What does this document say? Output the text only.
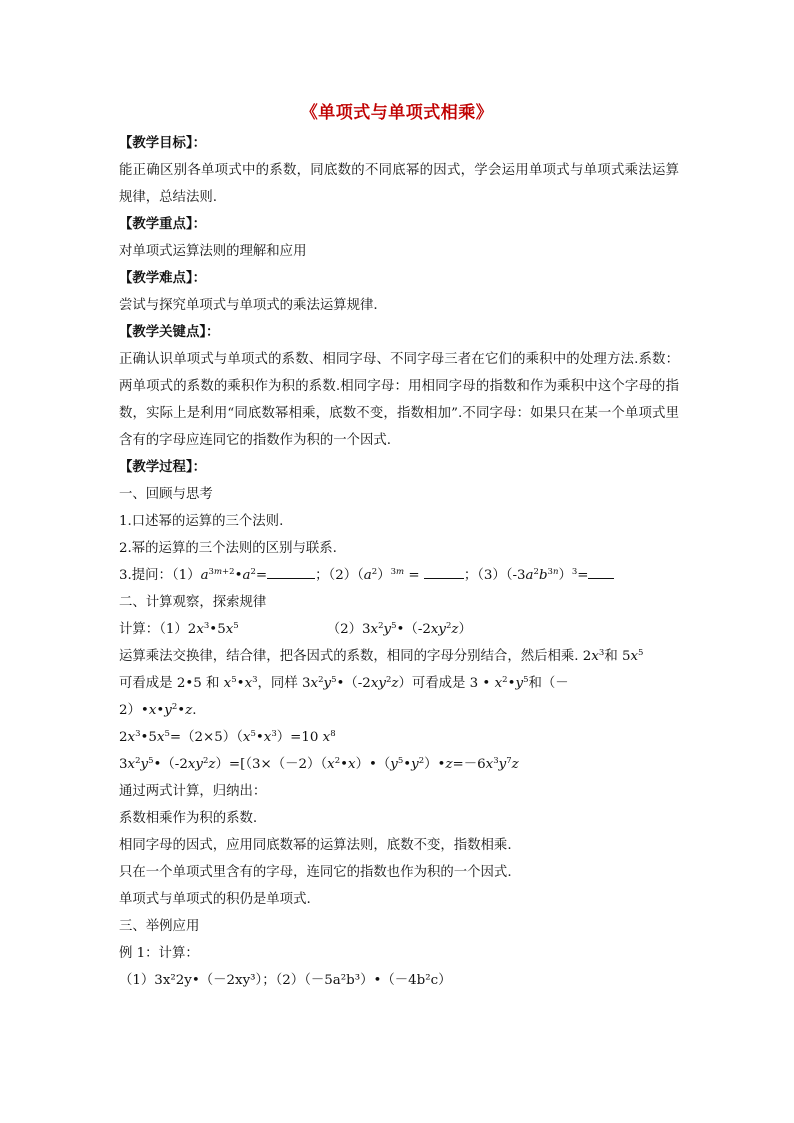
《单项式与单项式相乘》

【教学目标】：

能正确区别各单项式中的系数，同底数的不同底幂的因式，学会运用单项式与单项式乘法运算规律，总结法则.

【教学重点】：

对单项式运算法则的理解和应用

【教学难点】：

尝试与探究单项式与单项式的乘法运算规律.

【教学关键点】：

正确认识单项式与单项式的系数、相同字母、不同字母三者在它们的乘积中的处理方法.系数：两单项式的系数的乘积作为积的系数.相同字母：用相同字母的指数和作为乘积中这个字母的指数，实际上是利用“同底数幂相乘，底数不变，指数相加”.不同字母：如果只在某一个单项式里含有的字母应连同它的指数作为积的一个因式.

【教学过程】：

一、回顾与思考

1.口述幂的运算的三个法则.

2.幂的运算的三个法则的区别与联系.

3.提问：$(1)a^{3m+2}•a^2=$	；$(2)(a^2)^{3m}$ =	；$(3)(-3a^2b^{3n})^3=$

二、计算观察，探索规律

计算：$(1)2x^3•5x^5$	$(2)3x^2y^5•(-2xy^2z)$

运算乘法交换律，结合律，把各因式的系数，相同的字母分别结合，然后相乘. $2x^3$和 $5x^5$

可看成是 2•5 和 $x^5•x^3$，同样 $3x^2y^5•(-2xy^2z)$可看成是 3 • $x^2•y^5$和（－

$2)•x•y^2•z$.

$2x^3•5x^5=(2\times 5)(x^5•x^3)=10$ $x^8$

$3x^2y^5•(-2xy^2z)=[(3\times(-2)(x^2•x)•(y^5•y^2)•z=-6x^3y^7z$

通过两式计算，归纳出：

系数相乘作为积的系数.

相同字母的因式，应用同底数幂的运算法则，底数不变，指数相乘.

只在一个单项式里含有的字母，连同它的指数也作为积的一个因式.

单项式与单项式的积仍是单项式.

三、举例应用

例 1：计算：

（1）3x²2y•（－2xy³）；（2）（－5a²b³）•（－4b²c）
